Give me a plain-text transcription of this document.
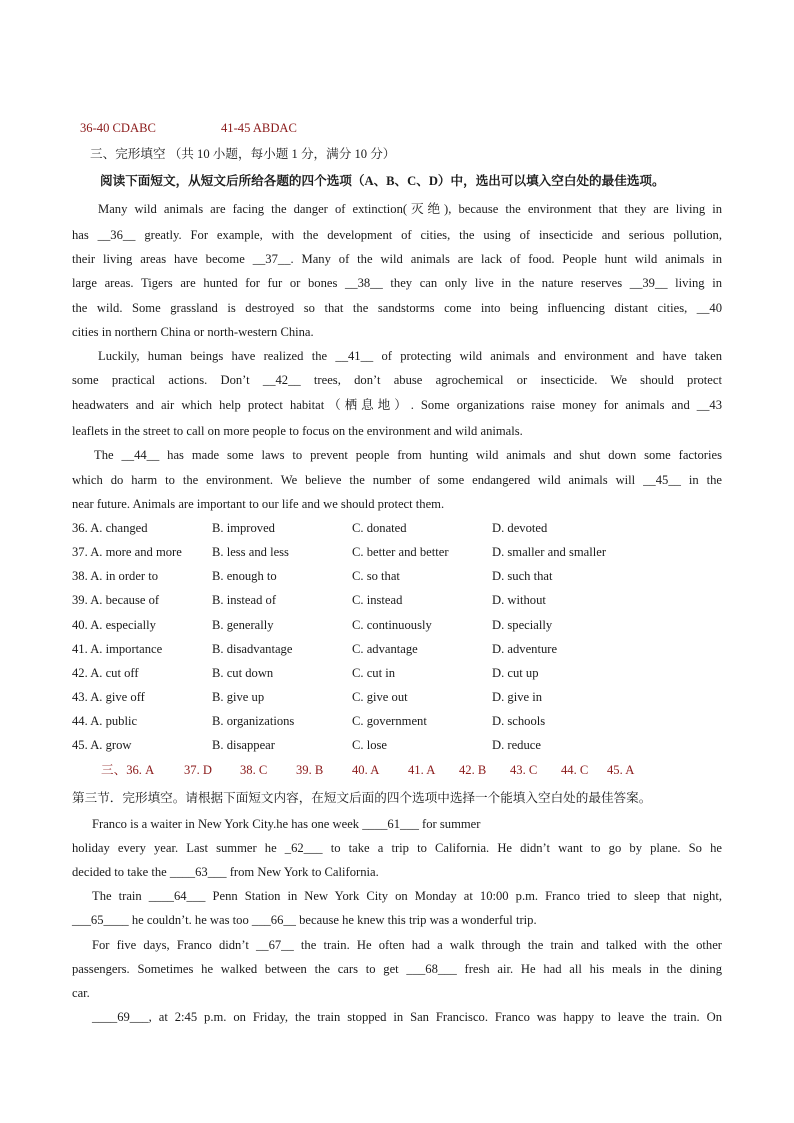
36-40 CDABC	41-45 ABDAC
三、完形填空 （共 10 小题，每小题 1 分，满分 10 分）
阅读下面短文，从短文后所给各题的四个选项（A、B、C、D）中，选出可以填入空白处的最佳选项。
Many wild animals are facing the danger of extinction(灭绝), because the environment that they are living in
has __36__ greatly. For example, with the development of cities, the using of insecticide and serious pollution,
their living areas have become __37__. Many of the wild animals are lack of food. People hunt wild animals in
large areas. Tigers are hunted for fur or bones __38__ they can only live in the nature reserves __39__ living in
the wild. Some grassland is destroyed so that the sandstorms come into being influencing distant cities, __40
cities in northern China or north-western China.
Luckily, human beings have realized the __41__ of protecting wild animals and environment and have taken
some practical actions. Don’t __42__ trees, don’t abuse agrochemical or insecticide. We should protect
headwaters and air which help protect habitat（栖息地）. Some organizations raise money for animals and __43
leaflets in the street to call on more people to focus on the environment and wild animals.
The __44__ has made some laws to prevent people from hunting wild animals and shut down some factories
which do harm to the environment. We believe the number of some endangered wild animals will __45__ in the
near future. Animals are important to our life and we should protect them.
36. A. changed	B. improved	C. donated	D. devoted
37. A. more and more B. less and less	C. better and better	D. smaller and smaller
38. A. in order to	B. enough to	C. so that	D. such that
39. A. because of	B. instead of	C. instead	D. without
40. A. especially	B. generally	C. continuously	D. specially
41. A. importance	B. disadvantage	C. advantage	D. adventure
42. A. cut off	B. cut down	C. cut in	D. cut up
43. A. give off	B. give up	C. give out	D. give in
44. A. public	B. organizations	C. government	D. schools
45. A. grow	B. disappear	C. lose	D. reduce
三、36. A 37. D 38. C 39. B 40. A 41. A 42. B 43. C 44. C 45. A
第三节．完形填空。请根据下面短文内容，在短文后面的四个选项中选择一个能填入空白处的最佳答案。
Franco is a waiter in New York City.he has one week ____61___ for summer
holiday every year. Last summer he _62___ to take a trip to California. He didn’t want to go by plane. So he
decided to take the ____63___ from New York to California.
The train ____64___ Penn Station in New York City on Monday at 10:00 p.m. Franco tried to sleep that night,
___65____ he couldn’t. he was too ___66__ because he knew this trip was a wonderful trip.
For five days, Franco didn’t __67__ the train. He often had a walk through the train and talked with the other
passengers. Sometimes he walked between the cars to get ___68___ fresh air. He had all his meals in the dining
car.
____69___, at 2:45 p.m. on Friday, the train stopped in San Francisco. Franco was happy to leave the train. On
